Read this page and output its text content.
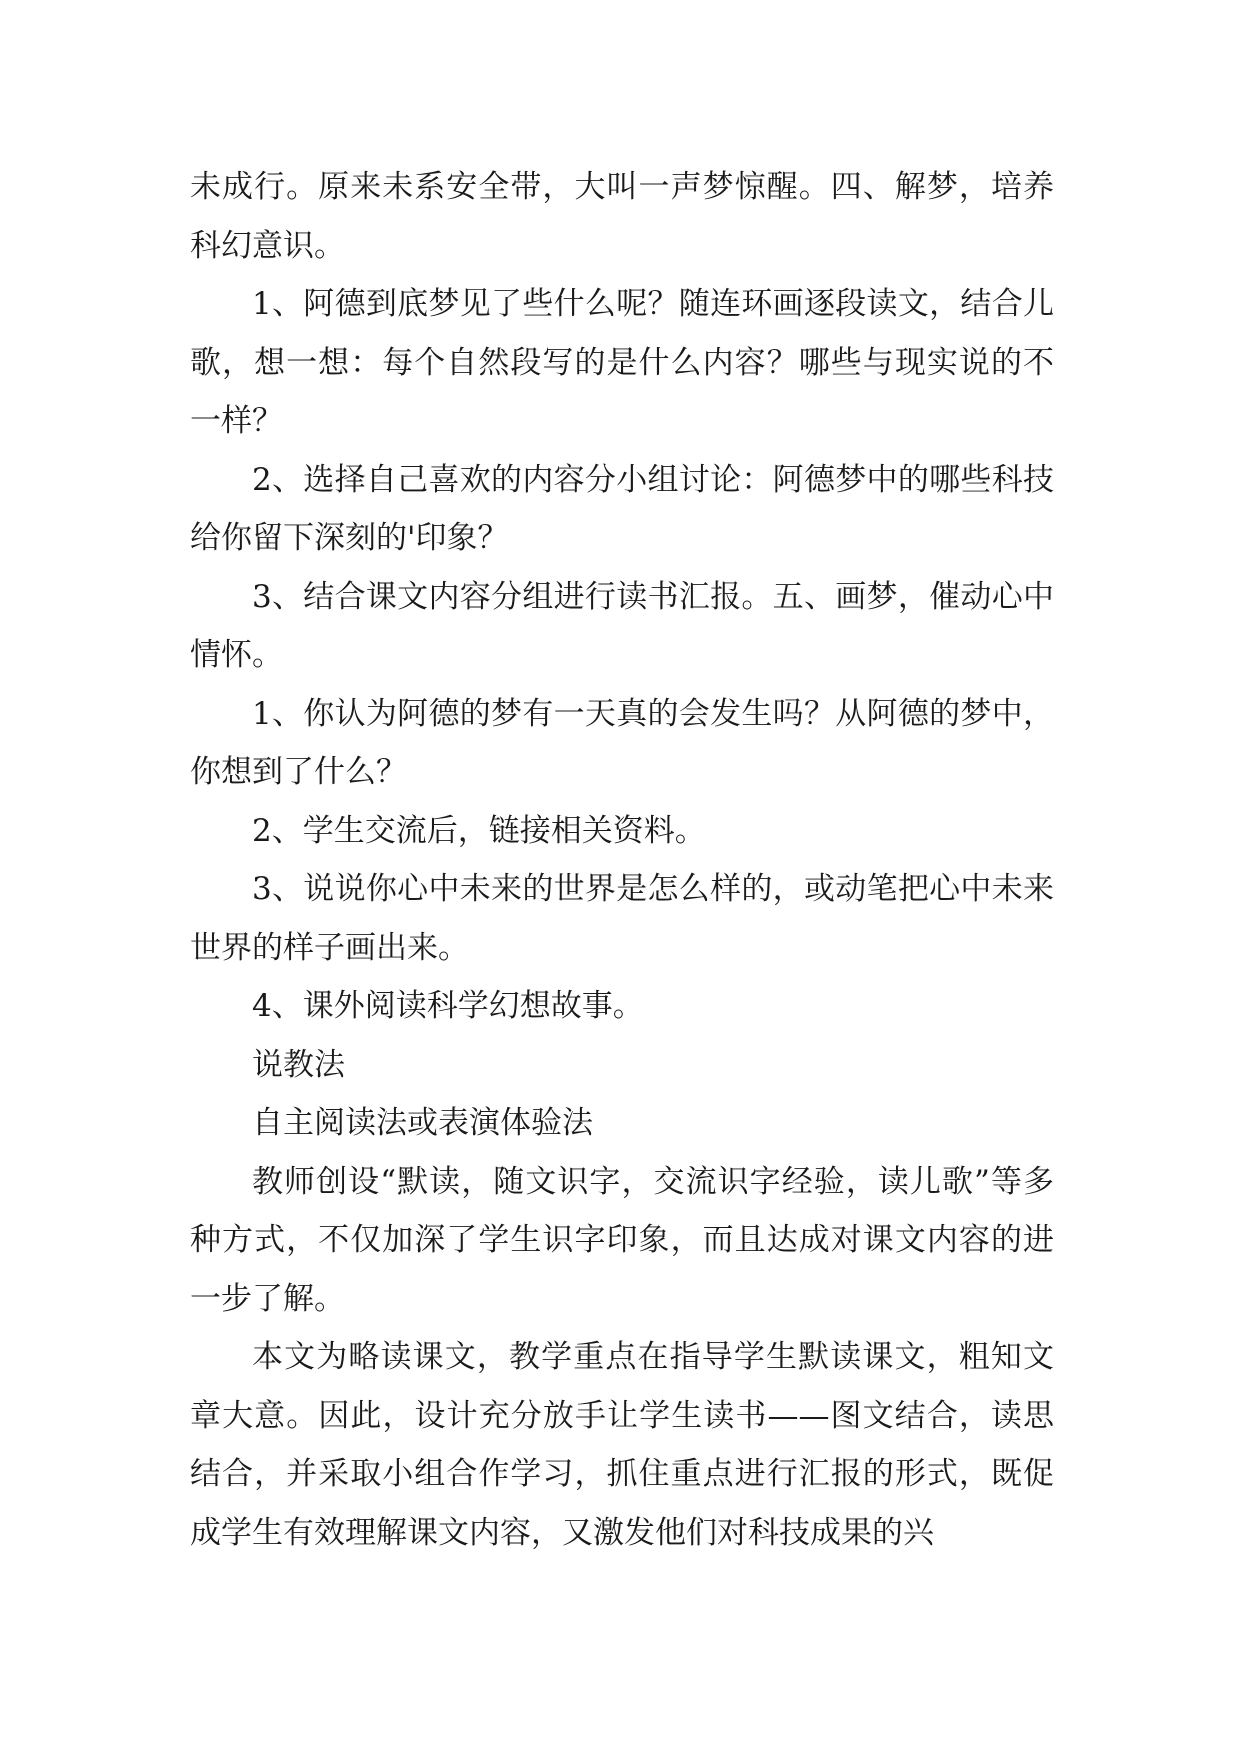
未成行。原来未系安全带，大叫一声梦惊醒。四、解梦，培养科幻意识。

1、阿德到底梦见了些什么呢？随连环画逐段读文，结合儿歌，想一想：每个自然段写的是什么内容？哪些与现实说的不一样？

2、选择自己喜欢的内容分小组讨论：阿德梦中的哪些科技给你留下深刻的'印象？

3、结合课文内容分组进行读书汇报。五、画梦，催动心中情怀。

1、你认为阿德的梦有一天真的会发生吗？从阿德的梦中，你想到了什么？

2、学生交流后，链接相关资料。

3、说说你心中未来的世界是怎么样的，或动笔把心中未来世界的样子画出来。

4、课外阅读科学幻想故事。

说教法

自主阅读法或表演体验法

教师创设“默读，随文识字，交流识字经验，读儿歌”等多种方式，不仅加深了学生识字印象，而且达成对课文内容的进一步了解。

本文为略读课文，教学重点在指导学生默读课文，粗知文章大意。因此，设计充分放手让学生读书——图文结合，读思结合，并采取小组合作学习，抓住重点进行汇报的形式，既促成学生有效理解课文内容，又激发他们对科技成果的兴
